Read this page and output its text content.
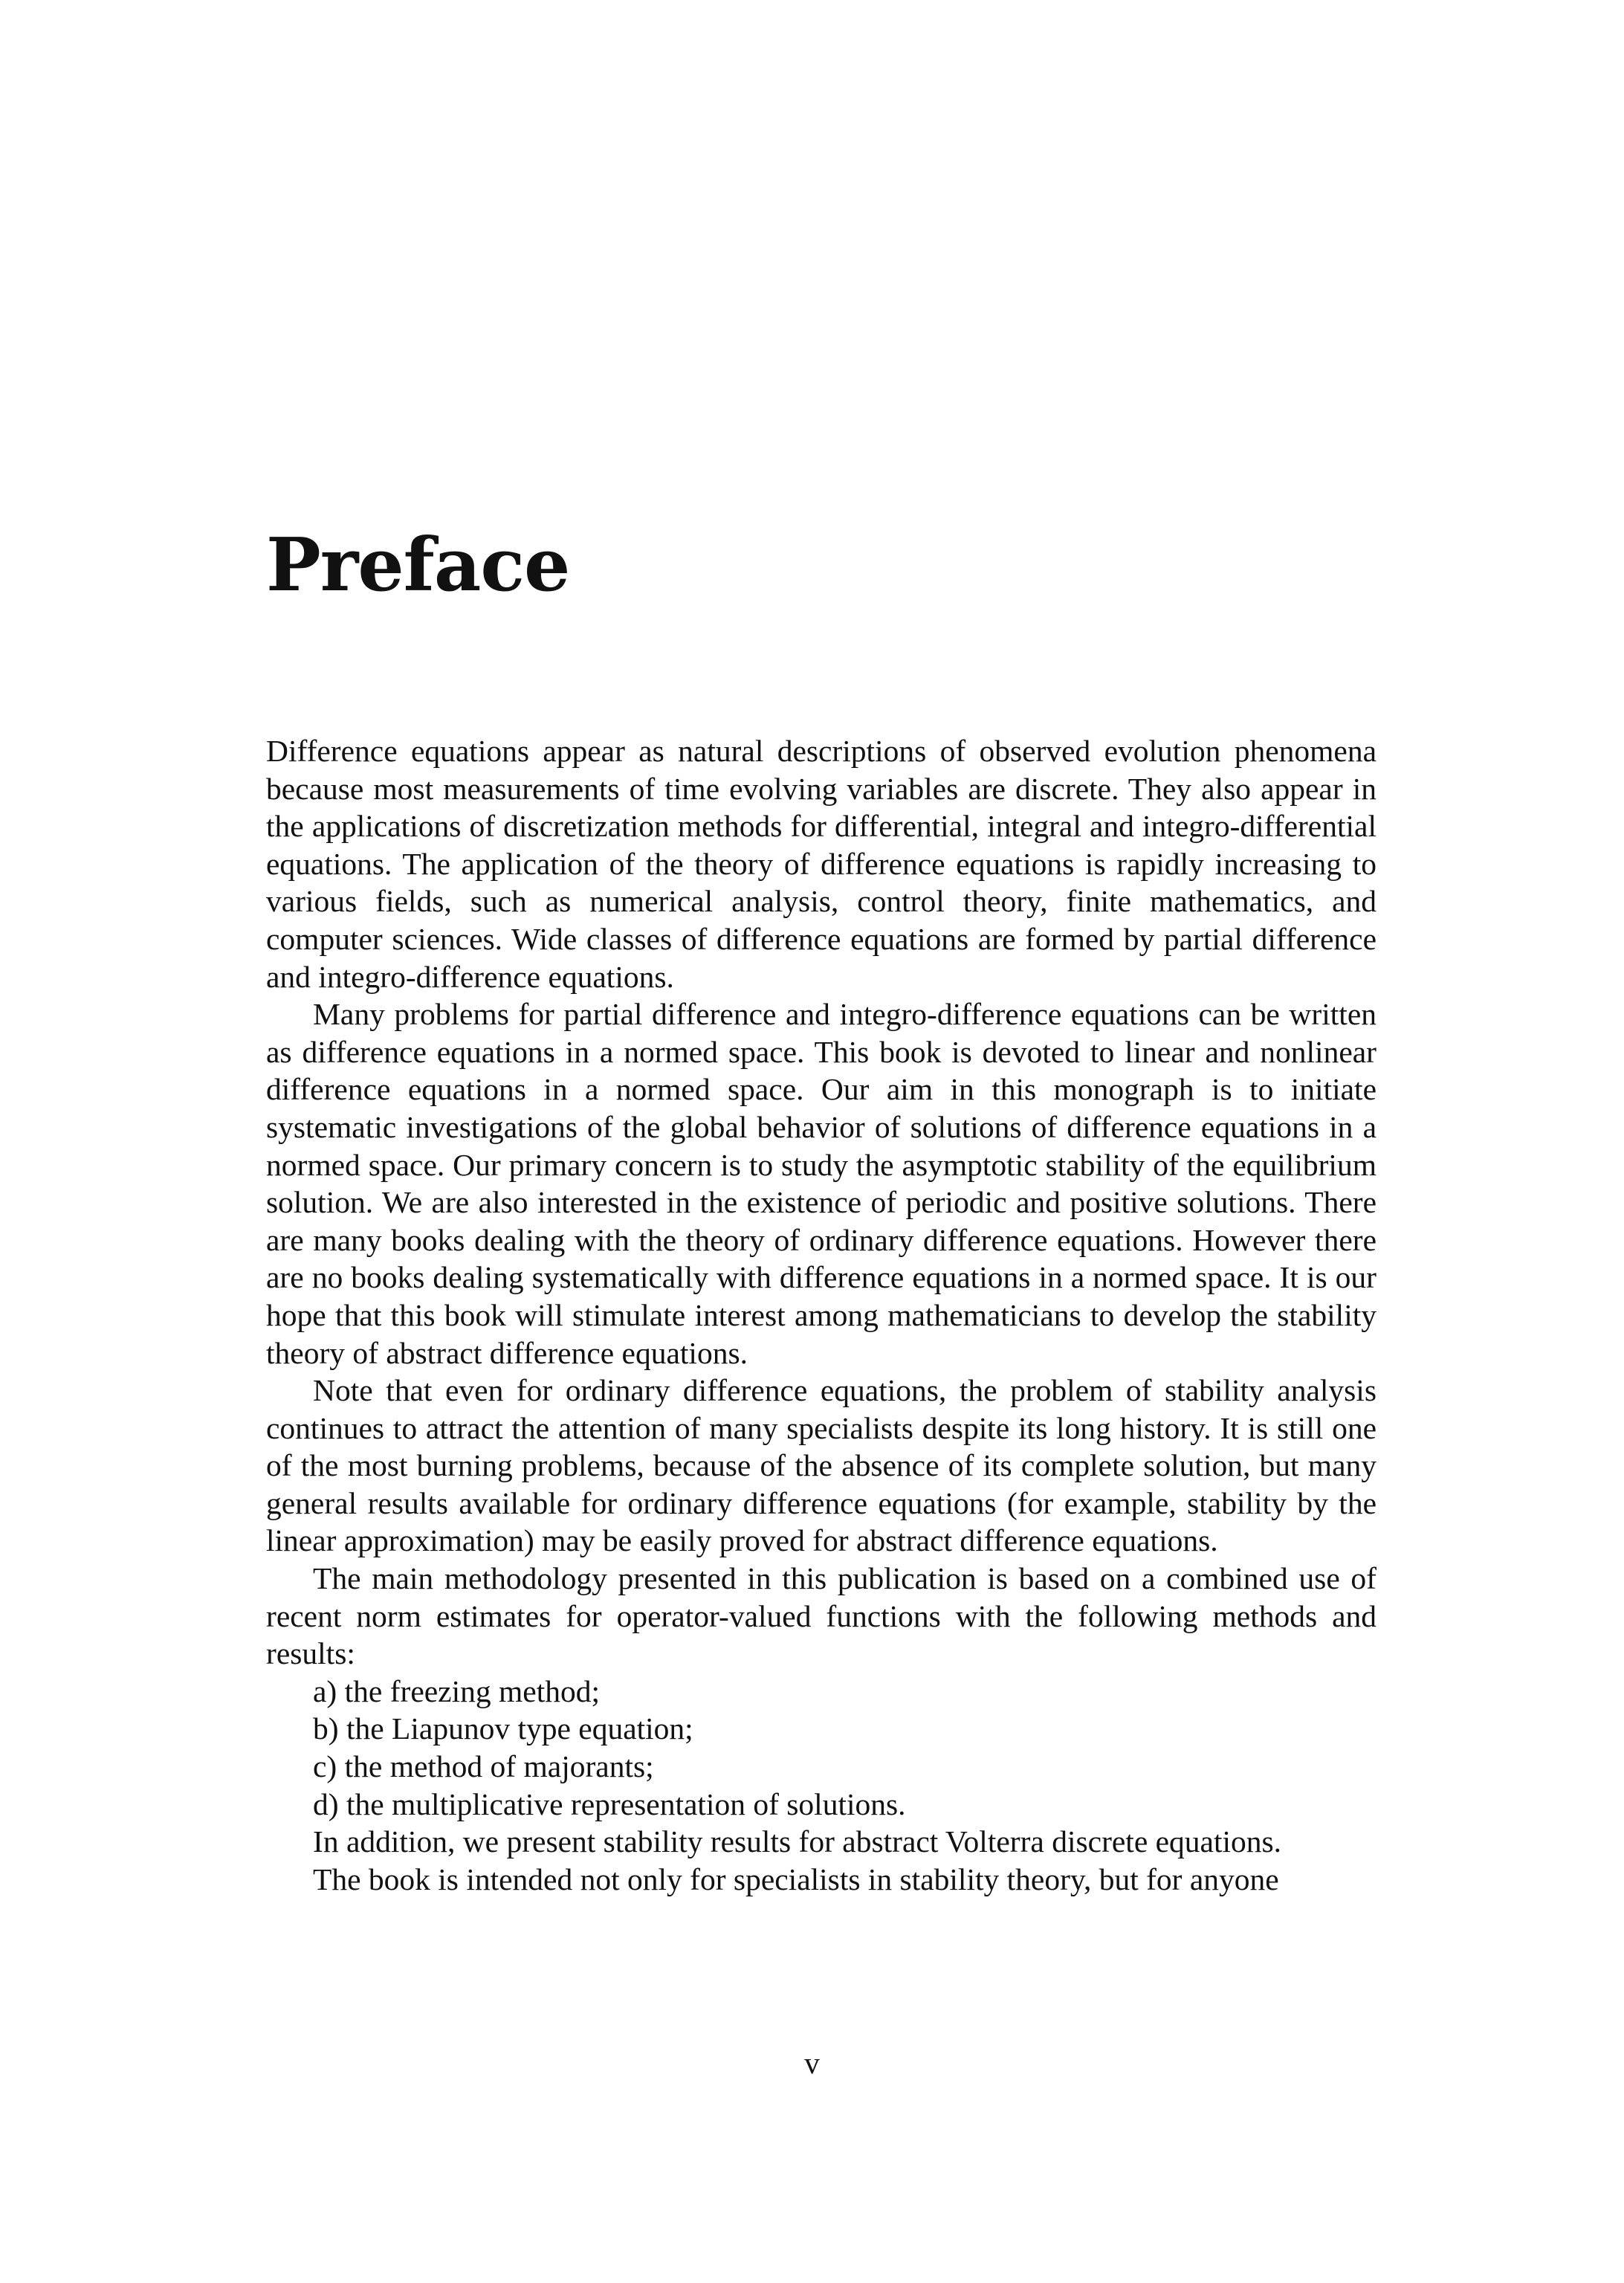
Preface

Difference equations appear as natural descriptions of observed evolution phenomena because most measurements of time evolving variables are discrete. They also appear in the applications of discretization methods for differential, integral and integro-differential equations. The application of the theory of difference equations is rapidly increasing to various fields, such as numerical analysis, control theory, finite mathematics, and computer sciences. Wide classes of difference equations are formed by partial difference and integro-difference equations.

Many problems for partial difference and integro-difference equations can be written as difference equations in a normed space. This book is devoted to linear and nonlinear difference equations in a normed space. Our aim in this monograph is to initiate systematic investigations of the global behavior of solutions of difference equations in a normed space. Our primary concern is to study the asymptotic stability of the equilibrium solution. We are also interested in the existence of periodic and positive solutions. There are many books dealing with the theory of ordinary difference equations. However there are no books dealing systematically with difference equations in a normed space. It is our hope that this book will stimulate interest among mathematicians to develop the stability theory of abstract difference equations.

Note that even for ordinary difference equations, the problem of stability analysis continues to attract the attention of many specialists despite its long history. It is still one of the most burning problems, because of the absence of its complete solution, but many general results available for ordinary difference equations (for example, stability by the linear approximation) may be easily proved for abstract difference equations.

The main methodology presented in this publication is based on a combined use of recent norm estimates for operator-valued functions with the following methods and results:

a) the freezing method;
b) the Liapunov type equation;
c) the method of majorants;
d) the multiplicative representation of solutions.

In addition, we present stability results for abstract Volterra discrete equations.

The book is intended not only for specialists in stability theory, but for anyone

v
